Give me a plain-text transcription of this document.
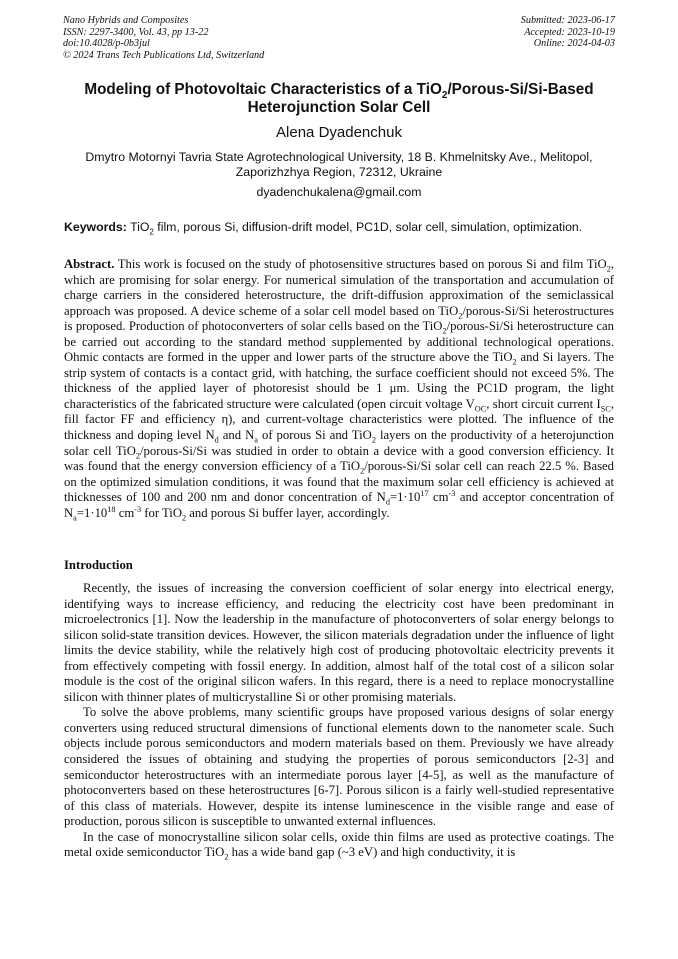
Nano Hybrids and Composites
ISSN: 2297-3400, Vol. 43, pp 13-22
doi:10.4028/p-0b3jul
© 2024 Trans Tech Publications Ltd, Switzerland
Submitted: 2023-06-17
Accepted: 2023-10-19
Online: 2024-04-03
Modeling of Photovoltaic Characteristics of a TiO$_2$/Porous-Si/Si-Based Heterojunction Solar Cell
Alena Dyadenchuk
Dmytro Motornyi Tavria State Agrotechnological University, 18 B. Khmelnitsky Ave., Melitopol,
Zaporizhzhya Region, 72312, Ukraine
dyadenchukalena@gmail.com
Keywords: TiO$_2$ film, porous Si, diffusion-drift model, PC1D, solar cell, simulation, optimization.

Abstract. This work is focused on the study of photosensitive structures based on porous Si and film TiO$_2$, which are promising for solar energy. For numerical simulation of the transportation and accumulation of charge carriers in the considered heterostructure, the drift-diffusion approximation of the semiclassical approach was proposed. A device scheme of a solar cell model based on TiO$_2$/porous-Si/Si heterostructures is proposed. Production of photoconverters of solar cells based on the TiO$_2$/porous-Si/Si heterostructure can be carried out according to the standard method supplemented by additional technological operations. Ohmic contacts are formed in the upper and lower parts of the structure above the TiO$_2$ and Si layers. The strip system of contacts is a contact grid, with hatching, the surface coefficient should not exceed 5%. The thickness of the applied layer of photoresist should be 1 μm. Using the PC1D program, the light characteristics of the fabricated structure were calculated (open circuit voltage $V_{OC}$, short circuit current $I_{SC}$, fill factor FF and efficiency η), and current-voltage characteristics were plotted. The influence of the thickness and doping level $N_d$ and $N_a$ of porous Si and TiO$_2$ layers on the productivity of a heterojunction solar cell TiO$_2$/porous-Si/Si was studied in order to obtain a device with a good conversion efficiency. It was found that the energy conversion efficiency of a TiO$_2$/porous-Si/Si solar cell can reach 22.5 %. Based on the optimized simulation conditions, it was found that the maximum solar cell efficiency is achieved at thicknesses of 100 and 200 nm and donor concentration of $N_d=1\cdot 10^{17}$ $cm^{-3}$ and acceptor concentration of $N_a=1\cdot 10^{18}$ $cm^{-3}$ for TiO$_2$ and porous Si buffer layer, accordingly.

Introduction

Recently, the issues of increasing the conversion coefficient of solar energy into electrical energy, identifying ways to increase efficiency, and reducing the electricity cost have been predominant in microelectronics [1]. Now the leadership in the manufacture of photoconverters of solar energy belongs to silicon solid-state transition devices. However, the silicon materials degradation under the influence of light limits the device stability, while the relatively high cost of producing photovoltaic electricity prevents it from effectively competing with fossil energy. In addition, almost half of the total cost of a silicon solar module is the cost of the original silicon wafers. In this regard, there is a need to replace monocrystalline silicon with thinner plates of multicrystalline Si or other promising materials.

To solve the above problems, many scientific groups have proposed various designs of solar energy converters using reduced structural dimensions of functional elements down to the nanometer scale. Such objects include porous semiconductors and modern materials based on them. Previously we have already considered the issues of obtaining and studying the properties of porous semiconductors [2-3] and semiconductor heterostructures with an intermediate porous layer [4-5], as well as the manufacture of photoconverters based on these heterostructures [6-7]. Porous silicon is a fairly well-studied representative of this class of materials. However, despite its intense luminescence in the visible range and ease of production, porous silicon is susceptible to unwanted external influences.

In the case of monocrystalline silicon solar cells, oxide thin films are used as protective coatings. The metal oxide semiconductor TiO$_2$ has a wide band gap (~3 eV) and high conductivity, it is
